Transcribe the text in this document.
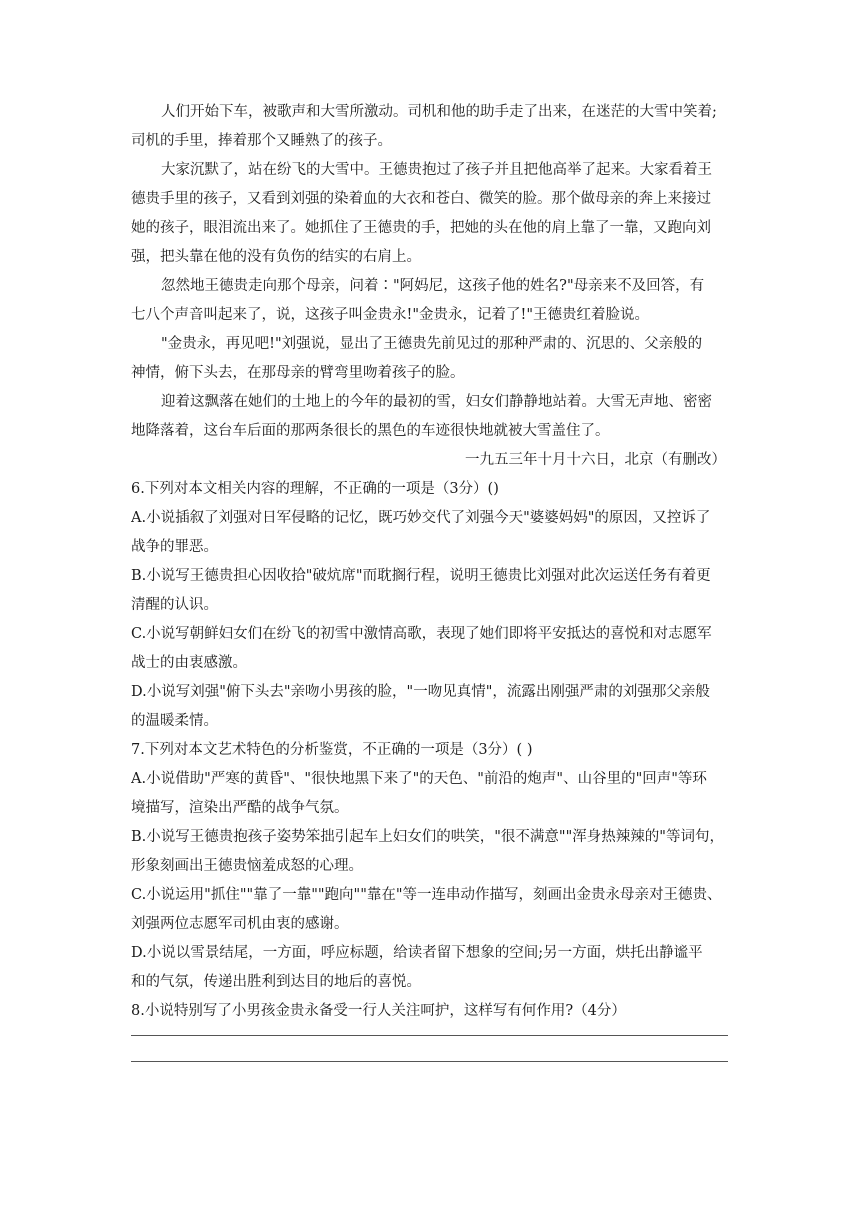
人们开始下车，被歌声和大雪所激动。司机和他的助手走了出来，在迷茫的大雪中笑着;
司机的手里，捧着那个又睡熟了的孩子。
大家沉默了，站在纷飞的大雪中。王德贵抱过了孩子并且把他高举了起来。大家看着王
德贵手里的孩子，又看到刘强的染着血的大衣和苍白、微笑的脸。那个做母亲的奔上来接过
她的孩子，眼泪流出来了。她抓住了王德贵的手，把她的头在他的肩上靠了一靠，又跑向刘
强，把头靠在他的没有负伤的结实的右肩上。
忽然地王德贵走向那个母亲，问着∶"阿妈尼，这孩子他的姓名?"母亲来不及回答，有
七八个声音叫起来了，说，这孩子叫金贵永!"金贵永，记着了!"王德贵红着脸说。
"金贵永，再见吧!"刘强说，显出了王德贵先前见过的那种严肃的、沉思的、父亲般的
神情，俯下头去，在那母亲的臂弯里吻着孩子的脸。
迎着这飘落在她们的土地上的今年的最初的雪，妇女们静静地站着。大雪无声地、密密
地降落着，这台车后面的那两条很长的黑色的车迹很快地就被大雪盖住了。
一九五三年十月十六日，北京（有删改）
6.下列对本文相关内容的理解，不正确的一项是（3分）()
A.小说插叙了刘强对日军侵略的记忆，既巧妙交代了刘强今天"婆婆妈妈"的原因，又控诉了
战争的罪恶。
B.小说写王德贵担心因收拾"破炕席"而耽搁行程，说明王德贵比刘强对此次运送任务有着更
清醒的认识。
C.小说写朝鲜妇女们在纷飞的初雪中激情高歌，表现了她们即将平安抵达的喜悦和对志愿军
战士的由衷感激。
D.小说写刘强"俯下头去"亲吻小男孩的脸，"一吻见真情"，流露出刚强严肃的刘强那父亲般
的温暖柔情。
7.下列对本文艺术特色的分析鉴赏，不正确的一项是（3分）( )
A.小说借助"严寒的黄昏"、"很快地黑下来了"的天色、"前沿的炮声"、山谷里的"回声"等环
境描写，渲染出严酷的战争气氛。
B.小说写王德贵抱孩子姿势笨拙引起车上妇女们的哄笑，"很不满意""浑身热辣辣的"等词句，
形象刻画出王德贵恼羞成怒的心理。
C.小说运用"抓住""靠了一靠""跑向""靠在"等一连串动作描写，刻画出金贵永母亲对王德贵、
刘强两位志愿军司机由衷的感谢。
D.小说以雪景结尾，一方面，呼应标题，给读者留下想象的空间;另一方面，烘托出静谧平
和的气氛，传递出胜利到达目的地后的喜悦。
8.小说特别写了小男孩金贵永备受一行人关注呵护，这样写有何作用?（4分）
